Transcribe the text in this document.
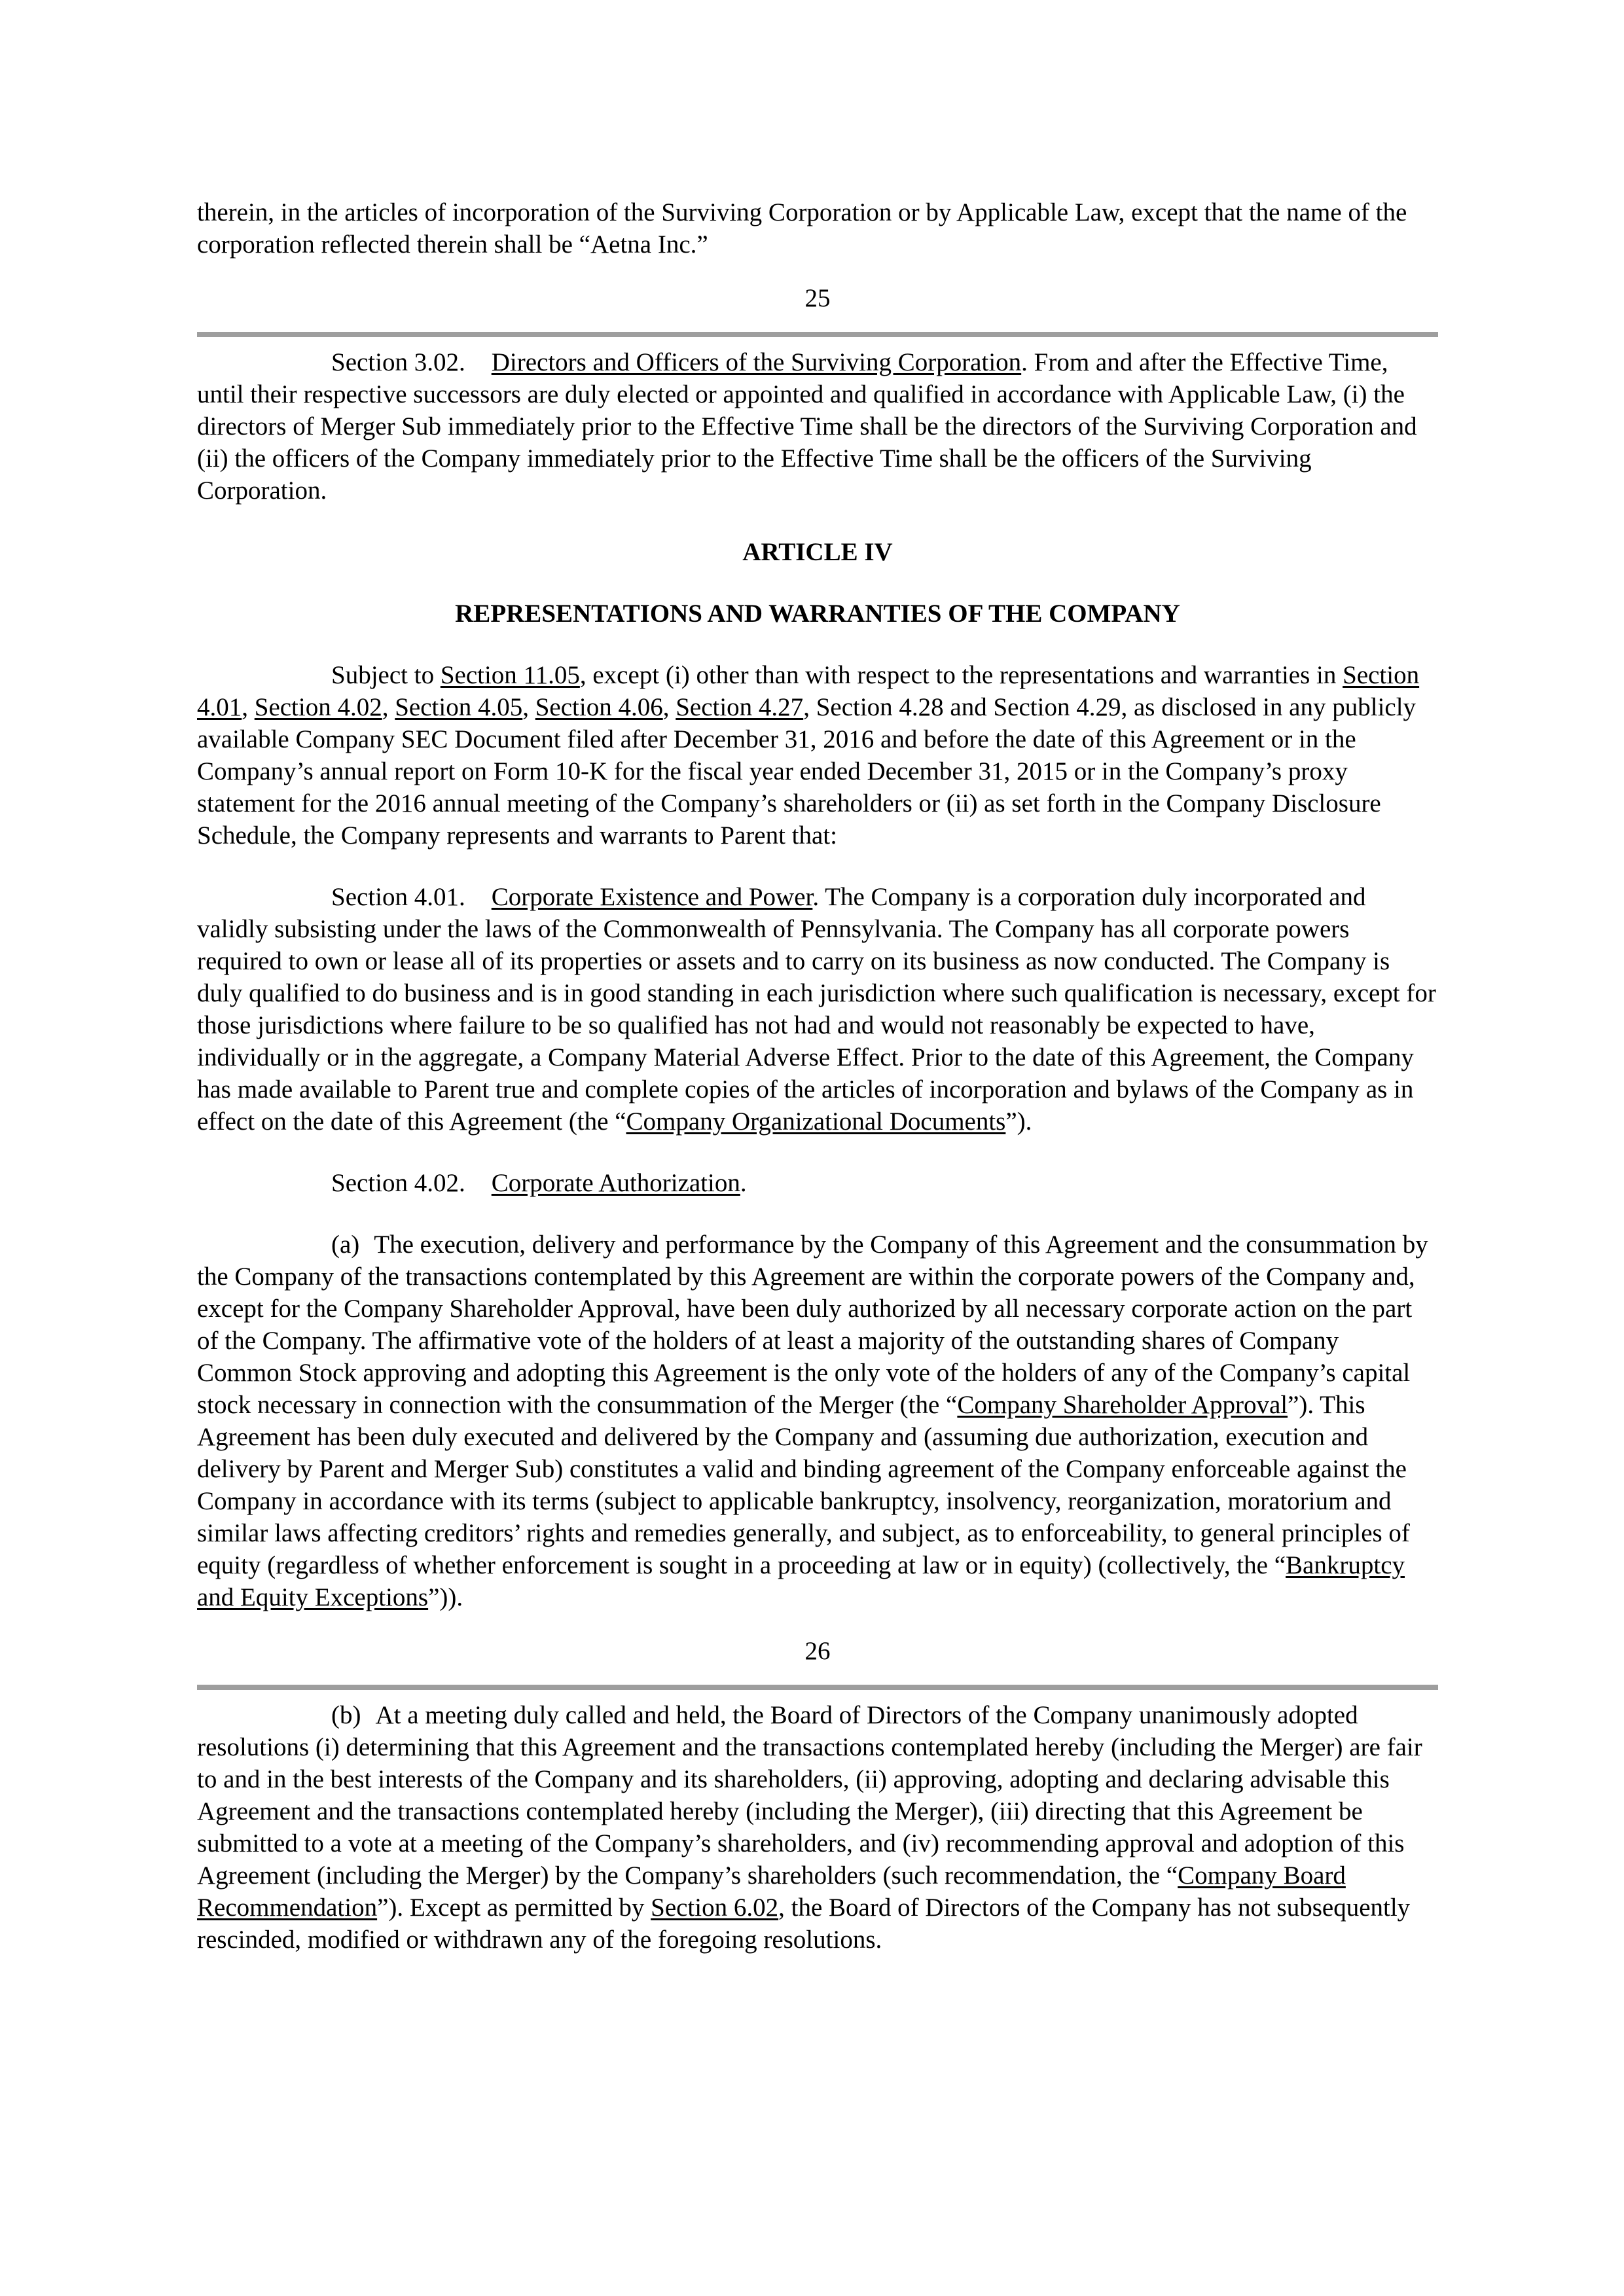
therein, in the articles of incorporation of the Surviving Corporation or by Applicable Law, except that the name of the corporation reflected therein shall be “Aetna Inc.”

25

Section 3.02. Directors and Officers of the Surviving Corporation. From and after the Effective Time, until their respective successors are duly elected or appointed and qualified in accordance with Applicable Law, (i) the directors of Merger Sub immediately prior to the Effective Time shall be the directors of the Surviving Corporation and (ii) the officers of the Company immediately prior to the Effective Time shall be the officers of the Surviving Corporation.

ARTICLE IV

REPRESENTATIONS AND WARRANTIES OF THE COMPANY

Subject to Section 11.05, except (i) other than with respect to the representations and warranties in Section 4.01, Section 4.02, Section 4.05, Section 4.06, Section 4.27, Section 4.28 and Section 4.29, as disclosed in any publicly available Company SEC Document filed after December 31, 2016 and before the date of this Agreement or in the Company’s annual report on Form 10-K for the fiscal year ended December 31, 2015 or in the Company’s proxy statement for the 2016 annual meeting of the Company’s shareholders or (ii) as set forth in the Company Disclosure Schedule, the Company represents and warrants to Parent that:

Section 4.01. Corporate Existence and Power. The Company is a corporation duly incorporated and validly subsisting under the laws of the Commonwealth of Pennsylvania. The Company has all corporate powers required to own or lease all of its properties or assets and to carry on its business as now conducted. The Company is duly qualified to do business and is in good standing in each jurisdiction where such qualification is necessary, except for those jurisdictions where failure to be so qualified has not had and would not reasonably be expected to have, individually or in the aggregate, a Company Material Adverse Effect. Prior to the date of this Agreement, the Company has made available to Parent true and complete copies of the articles of incorporation and bylaws of the Company as in effect on the date of this Agreement (the “Company Organizational Documents”).

Section 4.02. Corporate Authorization.

(a) The execution, delivery and performance by the Company of this Agreement and the consummation by the Company of the transactions contemplated by this Agreement are within the corporate powers of the Company and, except for the Company Shareholder Approval, have been duly authorized by all necessary corporate action on the part of the Company. The affirmative vote of the holders of at least a majority of the outstanding shares of Company Common Stock approving and adopting this Agreement is the only vote of the holders of any of the Company’s capital stock necessary in connection with the consummation of the Merger (the “Company Shareholder Approval”). This Agreement has been duly executed and delivered by the Company and (assuming due authorization, execution and delivery by Parent and Merger Sub) constitutes a valid and binding agreement of the Company enforceable against the Company in accordance with its terms (subject to applicable bankruptcy, insolvency, reorganization, moratorium and similar laws affecting creditors’ rights and remedies generally, and subject, as to enforceability, to general principles of equity (regardless of whether enforcement is sought in a proceeding at law or in equity) (collectively, the “Bankruptcy and Equity Exceptions”)).

26

(b) At a meeting duly called and held, the Board of Directors of the Company unanimously adopted resolutions (i) determining that this Agreement and the transactions contemplated hereby (including the Merger) are fair to and in the best interests of the Company and its shareholders, (ii) approving, adopting and declaring advisable this Agreement and the transactions contemplated hereby (including the Merger), (iii) directing that this Agreement be submitted to a vote at a meeting of the Company’s shareholders, and (iv) recommending approval and adoption of this Agreement (including the Merger) by the Company’s shareholders (such recommendation, the “Company Board Recommendation”). Except as permitted by Section 6.02, the Board of Directors of the Company has not subsequently rescinded, modified or withdrawn any of the foregoing resolutions.
